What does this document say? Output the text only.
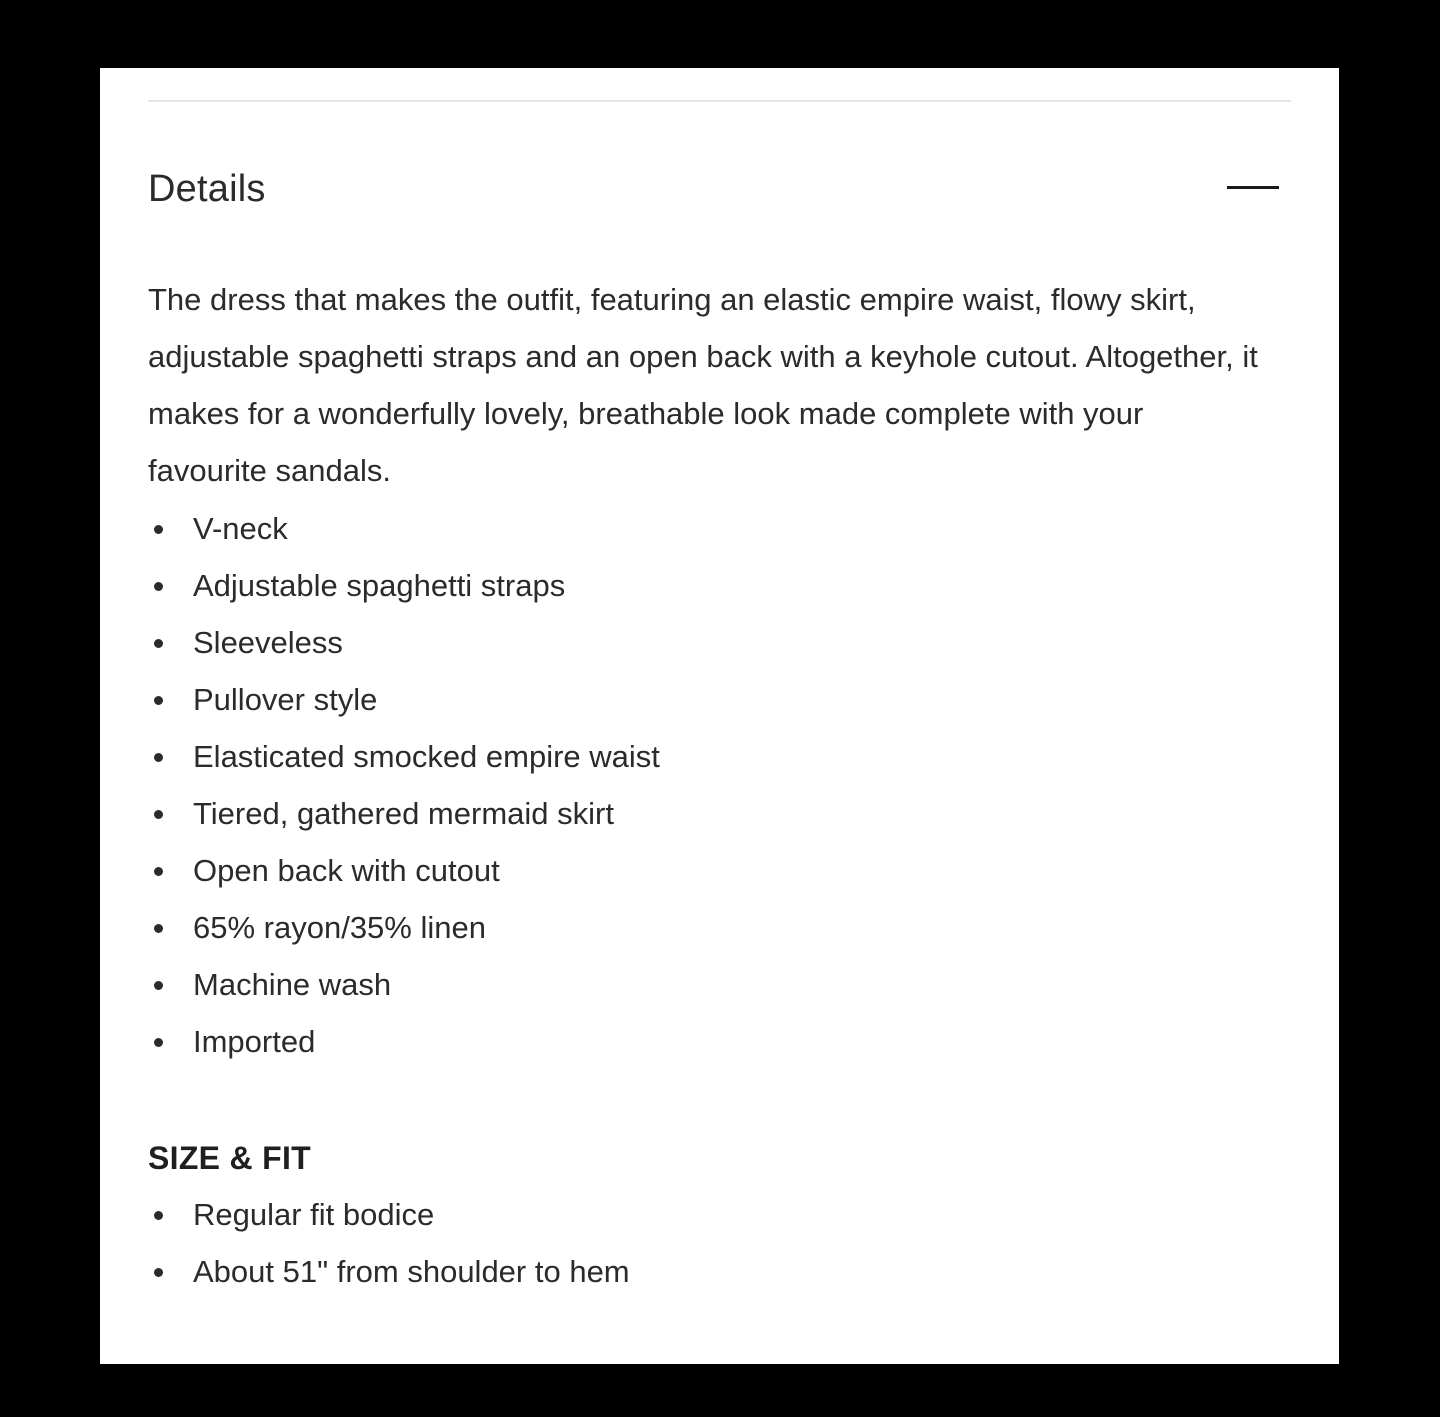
Details

The dress that makes the outfit, featuring an elastic empire waist, flowy skirt, adjustable spaghetti straps and an open back with a keyhole cutout. Altogether, it makes for a wonderfully lovely, breathable look made complete with your favourite sandals.

V-neck
Adjustable spaghetti straps
Sleeveless
Pullover style
Elasticated smocked empire waist
Tiered, gathered mermaid skirt
Open back with cutout
65% rayon/35% linen
Machine wash
Imported
SIZE & FIT
Regular fit bodice
About 51" from shoulder to hem
